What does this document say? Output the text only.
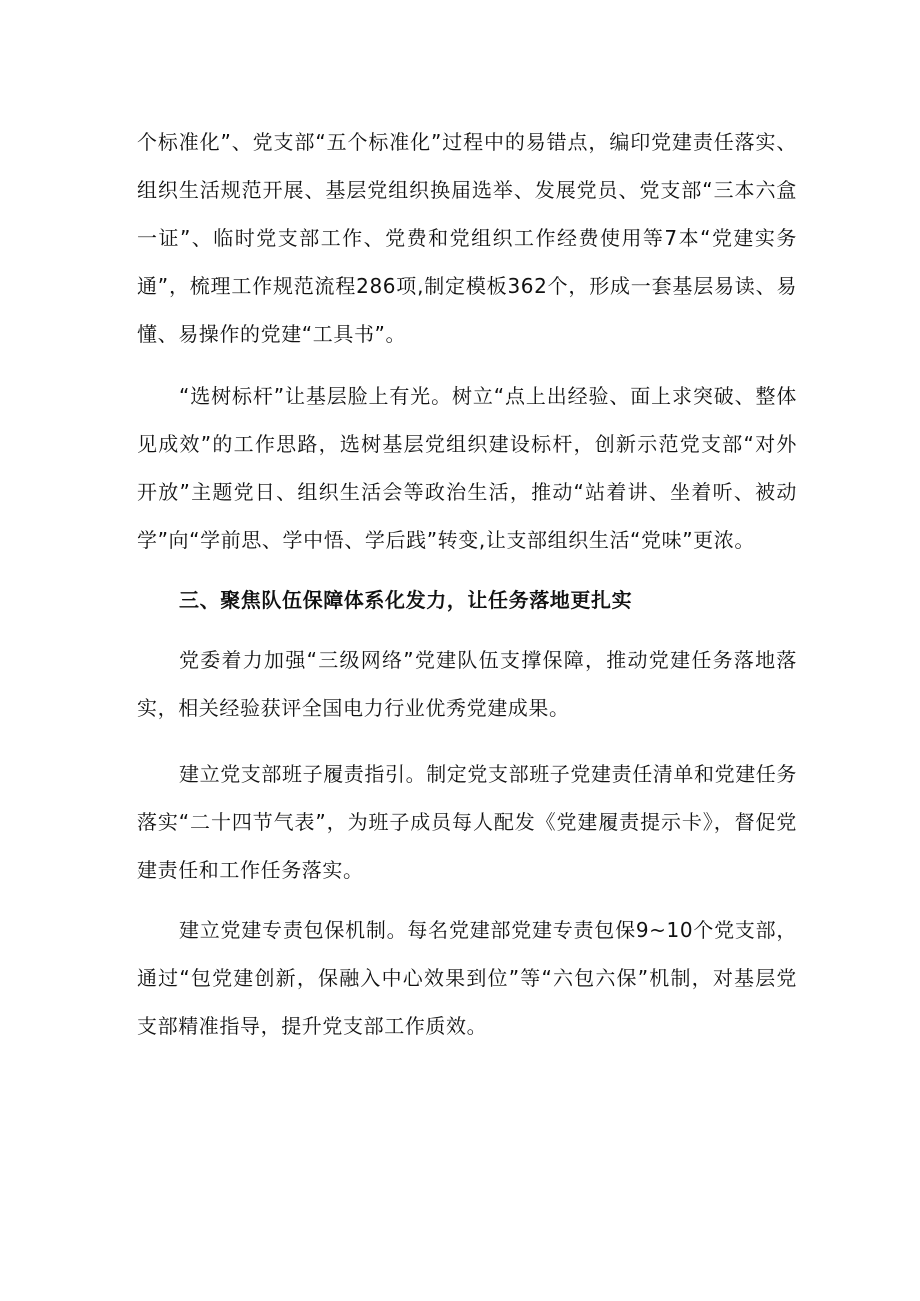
个标准化”、党支部“五个标准化”过程中的易错点，编印党建责任落实、组织生活规范开展、基层党组织换届选举、发展党员、党支部“三本六盒一证”、临时党支部工作、党费和党组织工作经费使用等7本“党建实务通”，梳理工作规范流程286项,制定模板362个，形成一套基层易读、易懂、易操作的党建“工具书”。

“选树标杆”让基层脸上有光。树立“点上出经验、面上求突破、整体见成效”的工作思路，选树基层党组织建设标杆，创新示范党支部“对外开放”主题党日、组织生活会等政治生活，推动“站着讲、坐着听、被动学”向“学前思、学中悟、学后践”转变,让支部组织生活“党味”更浓。

三、聚焦队伍保障体系化发力，让任务落地更扎实

党委着力加强“三级网络”党建队伍支撑保障，推动党建任务落地落实，相关经验获评全国电力行业优秀党建成果。

建立党支部班子履责指引。制定党支部班子党建责任清单和党建任务落实“二十四节气表”，为班子成员每人配发《党建履责提示卡》，督促党建责任和工作任务落实。

建立党建专责包保机制。每名党建部党建专责包保9~10个党支部，通过“包党建创新，保融入中心效果到位”等“六包六保”机制，对基层党支部精准指导，提升党支部工作质效。
